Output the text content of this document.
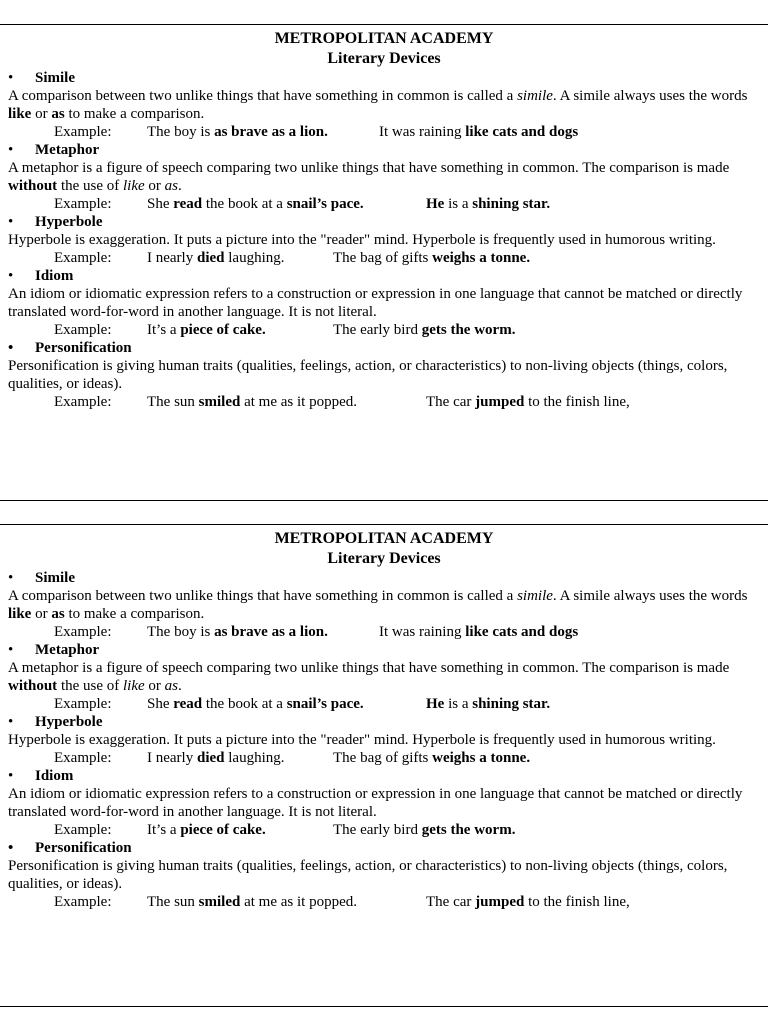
METROPOLITAN ACADEMY
Literary Devices
• Simile
A comparison between two unlike things that have something in common is called a simile. A simile always uses the words like or as to make a comparison.
Example: The boy is as brave as a lion.	It was raining like cats and dogs
• Metaphor
A metaphor is a figure of speech comparing two unlike things that have something in common. The comparison is made without the use of like or as.
Example: She read the book at a snail’s pace.	He is a shining star.
• Hyperbole
Hyperbole is exaggeration. It puts a picture into the "reader" mind. Hyperbole is frequently used in humorous writing.
Example: I nearly died laughing.	The bag of gifts weighs a tonne.
• Idiom
An idiom or idiomatic expression refers to a construction or expression in one language that cannot be matched or directly translated word-for-word in another language. It is not literal.
Example: It’s a piece of cake.	The early bird gets the worm.
• Personification
Personification is giving human traits (qualities, feelings, action, or characteristics) to non-living objects (things, colors, qualities, or ideas).
Example: The sun smiled at me as it popped.	The car jumped to the finish line,
METROPOLITAN ACADEMY
Literary Devices
• Simile
A comparison between two unlike things that have something in common is called a simile. A simile always uses the words like or as to make a comparison.
Example: The boy is as brave as a lion.	It was raining like cats and dogs
• Metaphor
A metaphor is a figure of speech comparing two unlike things that have something in common. The comparison is made without the use of like or as.
Example: She read the book at a snail’s pace.	He is a shining star.
• Hyperbole
Hyperbole is exaggeration. It puts a picture into the "reader" mind. Hyperbole is frequently used in humorous writing.
Example: I nearly died laughing.	The bag of gifts weighs a tonne.
• Idiom
An idiom or idiomatic expression refers to a construction or expression in one language that cannot be matched or directly translated word-for-word in another language. It is not literal.
Example: It’s a piece of cake.	The early bird gets the worm.
• Personification
Personification is giving human traits (qualities, feelings, action, or characteristics) to non-living objects (things, colors, qualities, or ideas).
Example: The sun smiled at me as it popped.	The car jumped to the finish line,
